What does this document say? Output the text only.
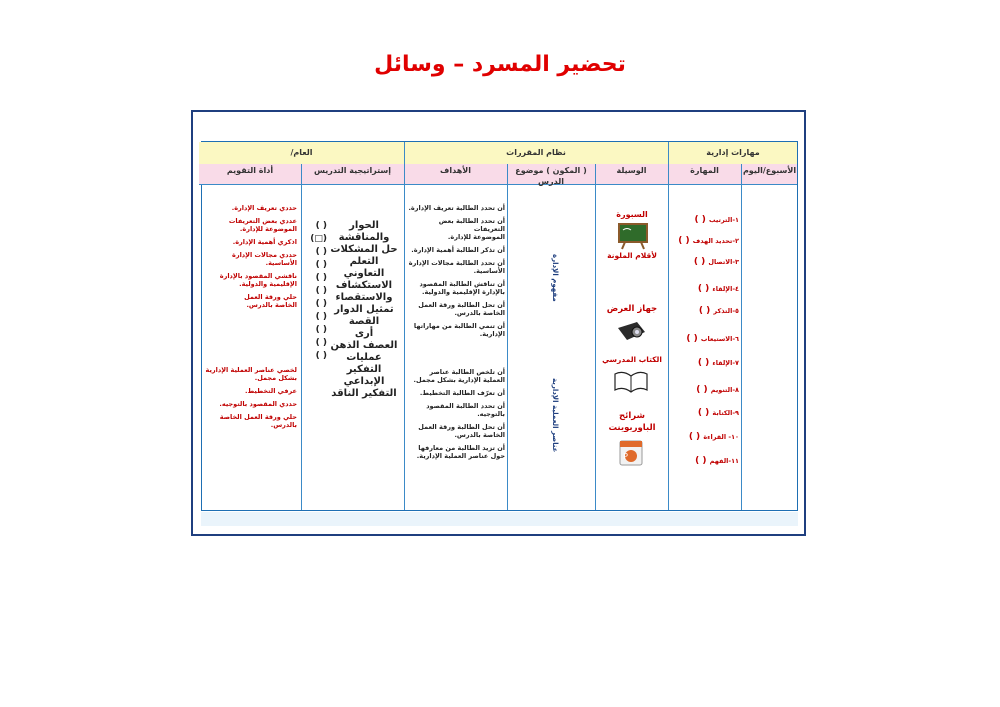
تحضير المسرد – وسائل
مهارات إدارية
نظام المقررات
العام/
الأسبوع/اليوم
المهارة
الوسيلة
( المكون ) موضوع
الدرس
الأهداف
إستراتيجية التدريس
أداة التقويم
١-الترتيب ( )
٢-تحديد الهدف ( )
٣-الاتصال ( )
٤-الإلقاء ( )
٥-التذكر ( )
٦-الاستيعاب ( )
٧-الإلقاء ( )
٨-التنويم ( )
٩-الكتابة ( )
١٠- القراءة ( )
١١-الفهم ( )
السبورة
لأقلام الملونة
جهاز العرض
الكتاب المدرسي
شرائح
الباوربوينت
P
مفهوم الإدارة
عناصر العملية الإدارية
أن تحدد الطالبة تعريف الإدارة.
أن تحدد الطالبة بعض التعريفات
الموضوعة للإدارة.
أن تذكر الطالبة أهمية الإدارة.
أن تحدد الطالبة مجالات الإدارة
الأساسية.
أن تناقش الطالبة المقصود
بالإدارة الإقليمية والدولية.
أن تحل الطالبة ورقة العمل
الخاصة بالدرس.
أن تنمي الطالبة من مهاراتها
الإدارية.
أن تلخص الطالبة عناصر
العملية الإدارية بشكل مجمل.
أن تعرّف الطالبة التخطيط.
أن تحدد الطالبة المقصود
بالتوجيه.
أن تحل الطالبة ورقة العمل
الخاصة بالدرس.
أن تزيد الطالبة من معارفها
حول عناصر العملية الإدارية.
الحوار
والمناقشة
حل المشكلات
التعلم التعاوني
الاستكشاف
والاستقصاء
تمثيل الدوار
القصة
أرى
العصف الذهن
عمليات التفكير
الإبداعي
التفكير الناقد
( )
(□)
( )
( )
( )
( )
( )
( )
( )
( )
( )
حددي تعريف الإدارة.
عددي بعض التعريفات
الموضوعة للإدارة.
اذكري أهمية الإدارة.
حددي مجالات الإدارة
الأساسية.
ناقشي المقصود بالإدارة
الإقليمية والدولية.
حلي ورقة العمل
الخاصة بالدرس.
لخصي عناصر العملية الإدارية
بشكل مجمل.
عرفي التخطيط.
حددي المقصود بالتوجيه.
حلي ورقة العمل الخاصة
بالدرس.
